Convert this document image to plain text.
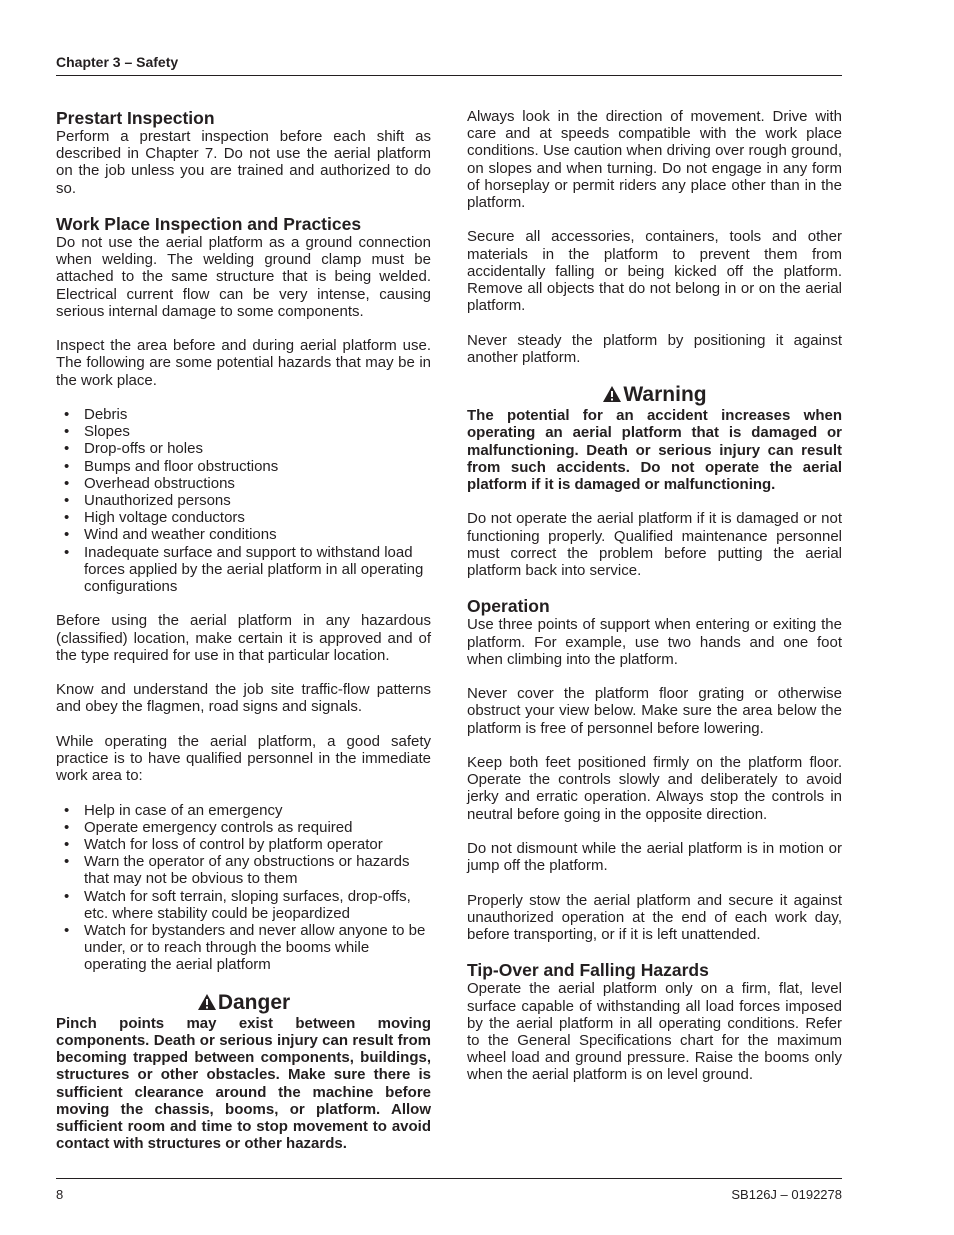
Chapter 3 – Safety
Prestart Inspection

Perform a prestart inspection before each shift as described in Chapter 7. Do not use the aerial platform on the job unless you are trained and authorized to do so.

Work Place Inspection and Practices

Do not use the aerial platform as a ground connection when welding. The welding ground clamp must be attached to the same structure that is being welded. Electrical current flow can be very intense, causing serious internal damage to some components.

Inspect the area before and during aerial platform use. The following are some potential hazards that may be in the work place.

• Debris
• Slopes
• Drop-offs or holes
• Bumps and floor obstructions
• Overhead obstructions
• Unauthorized persons
• High voltage conductors
• Wind and weather conditions
• Inadequate surface and support to withstand load forces applied by the aerial platform in all operating configurations

Before using the aerial platform in any hazardous (classified) location, make certain it is approved and of the type required for use in that particular location.

Know and understand the job site traffic-flow patterns and obey the flagmen, road signs and signals.

While operating the aerial platform, a good safety practice is to have qualified personnel in the immediate work area to:

• Help in case of an emergency
• Operate emergency controls as required
• Watch for loss of control by platform operator
• Warn the operator of any obstructions or hazards that may not be obvious to them
• Watch for soft terrain, sloping surfaces, drop-offs, etc. where stability could be jeopardized
• Watch for bystanders and never allow anyone to be under, or to reach through the booms while operating the aerial platform
Danger

Pinch points may exist between moving components. Death or serious injury can result from becoming trapped between components, buildings, structures or other obstacles. Make sure there is sufficient clearance around the machine before moving the chassis, booms, or platform. Allow sufficient room and time to stop movement to avoid contact with structures or other hazards.

Always look in the direction of movement. Drive with care and at speeds compatible with the work place conditions. Use caution when driving over rough ground, on slopes and when turning. Do not engage in any form of horseplay or permit riders any place other than in the platform.

Secure all accessories, containers, tools and other materials in the platform to prevent them from accidentally falling or being kicked off the platform. Remove all objects that do not belong in or on the aerial platform.

Never steady the platform by positioning it against another platform.

Warning

The potential for an accident increases when operating an aerial platform that is damaged or malfunctioning. Death or serious injury can result from such accidents. Do not operate the aerial platform if it is damaged or malfunctioning.

Do not operate the aerial platform if it is damaged or not functioning properly. Qualified maintenance personnel must correct the problem before putting the aerial platform back into service.

Operation

Use three points of support when entering or exiting the platform. For example, use two hands and one foot when climbing into the platform.

Never cover the platform floor grating or otherwise obstruct your view below. Make sure the area below the platform is free of personnel before lowering.

Keep both feet positioned firmly on the platform floor. Operate the controls slowly and deliberately to avoid jerky and erratic operation. Always stop the controls in neutral before going in the opposite direction.

Do not dismount while the aerial platform is in motion or jump off the platform.

Properly stow the aerial platform and secure it against unauthorized operation at the end of each work day, before transporting, or if it is left unattended.

Tip-Over and Falling Hazards

Operate the aerial platform only on a firm, flat, level surface capable of withstanding all load forces imposed by the aerial platform in all operating conditions. Refer to the General Specifications chart for the maximum wheel load and ground pressure. Raise the booms only when the aerial platform is on level ground.

8	SB126J – 0192278
